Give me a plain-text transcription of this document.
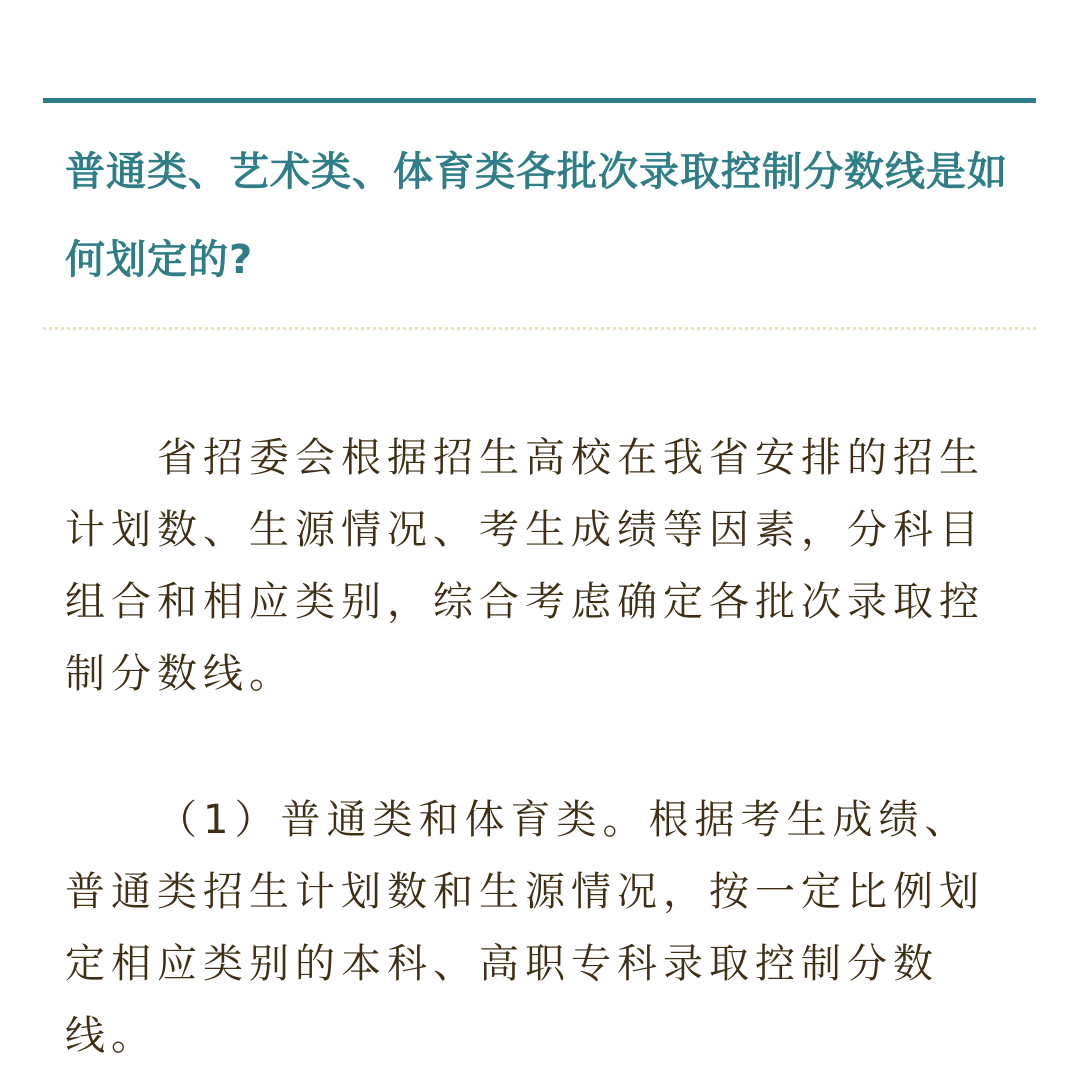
普通类、艺术类、体育类各批次录取控制分数线是如何划定的?

省招委会根据招生高校在我省安排的招生计划数、生源情况、考生成绩等因素，分科目组合和相应类别，综合考虑确定各批次录取控制分数线。

（1）普通类和体育类。根据考生成绩、普通类招生计划数和生源情况，按一定比例划定相应类别的本科、高职专科录取控制分数线。
